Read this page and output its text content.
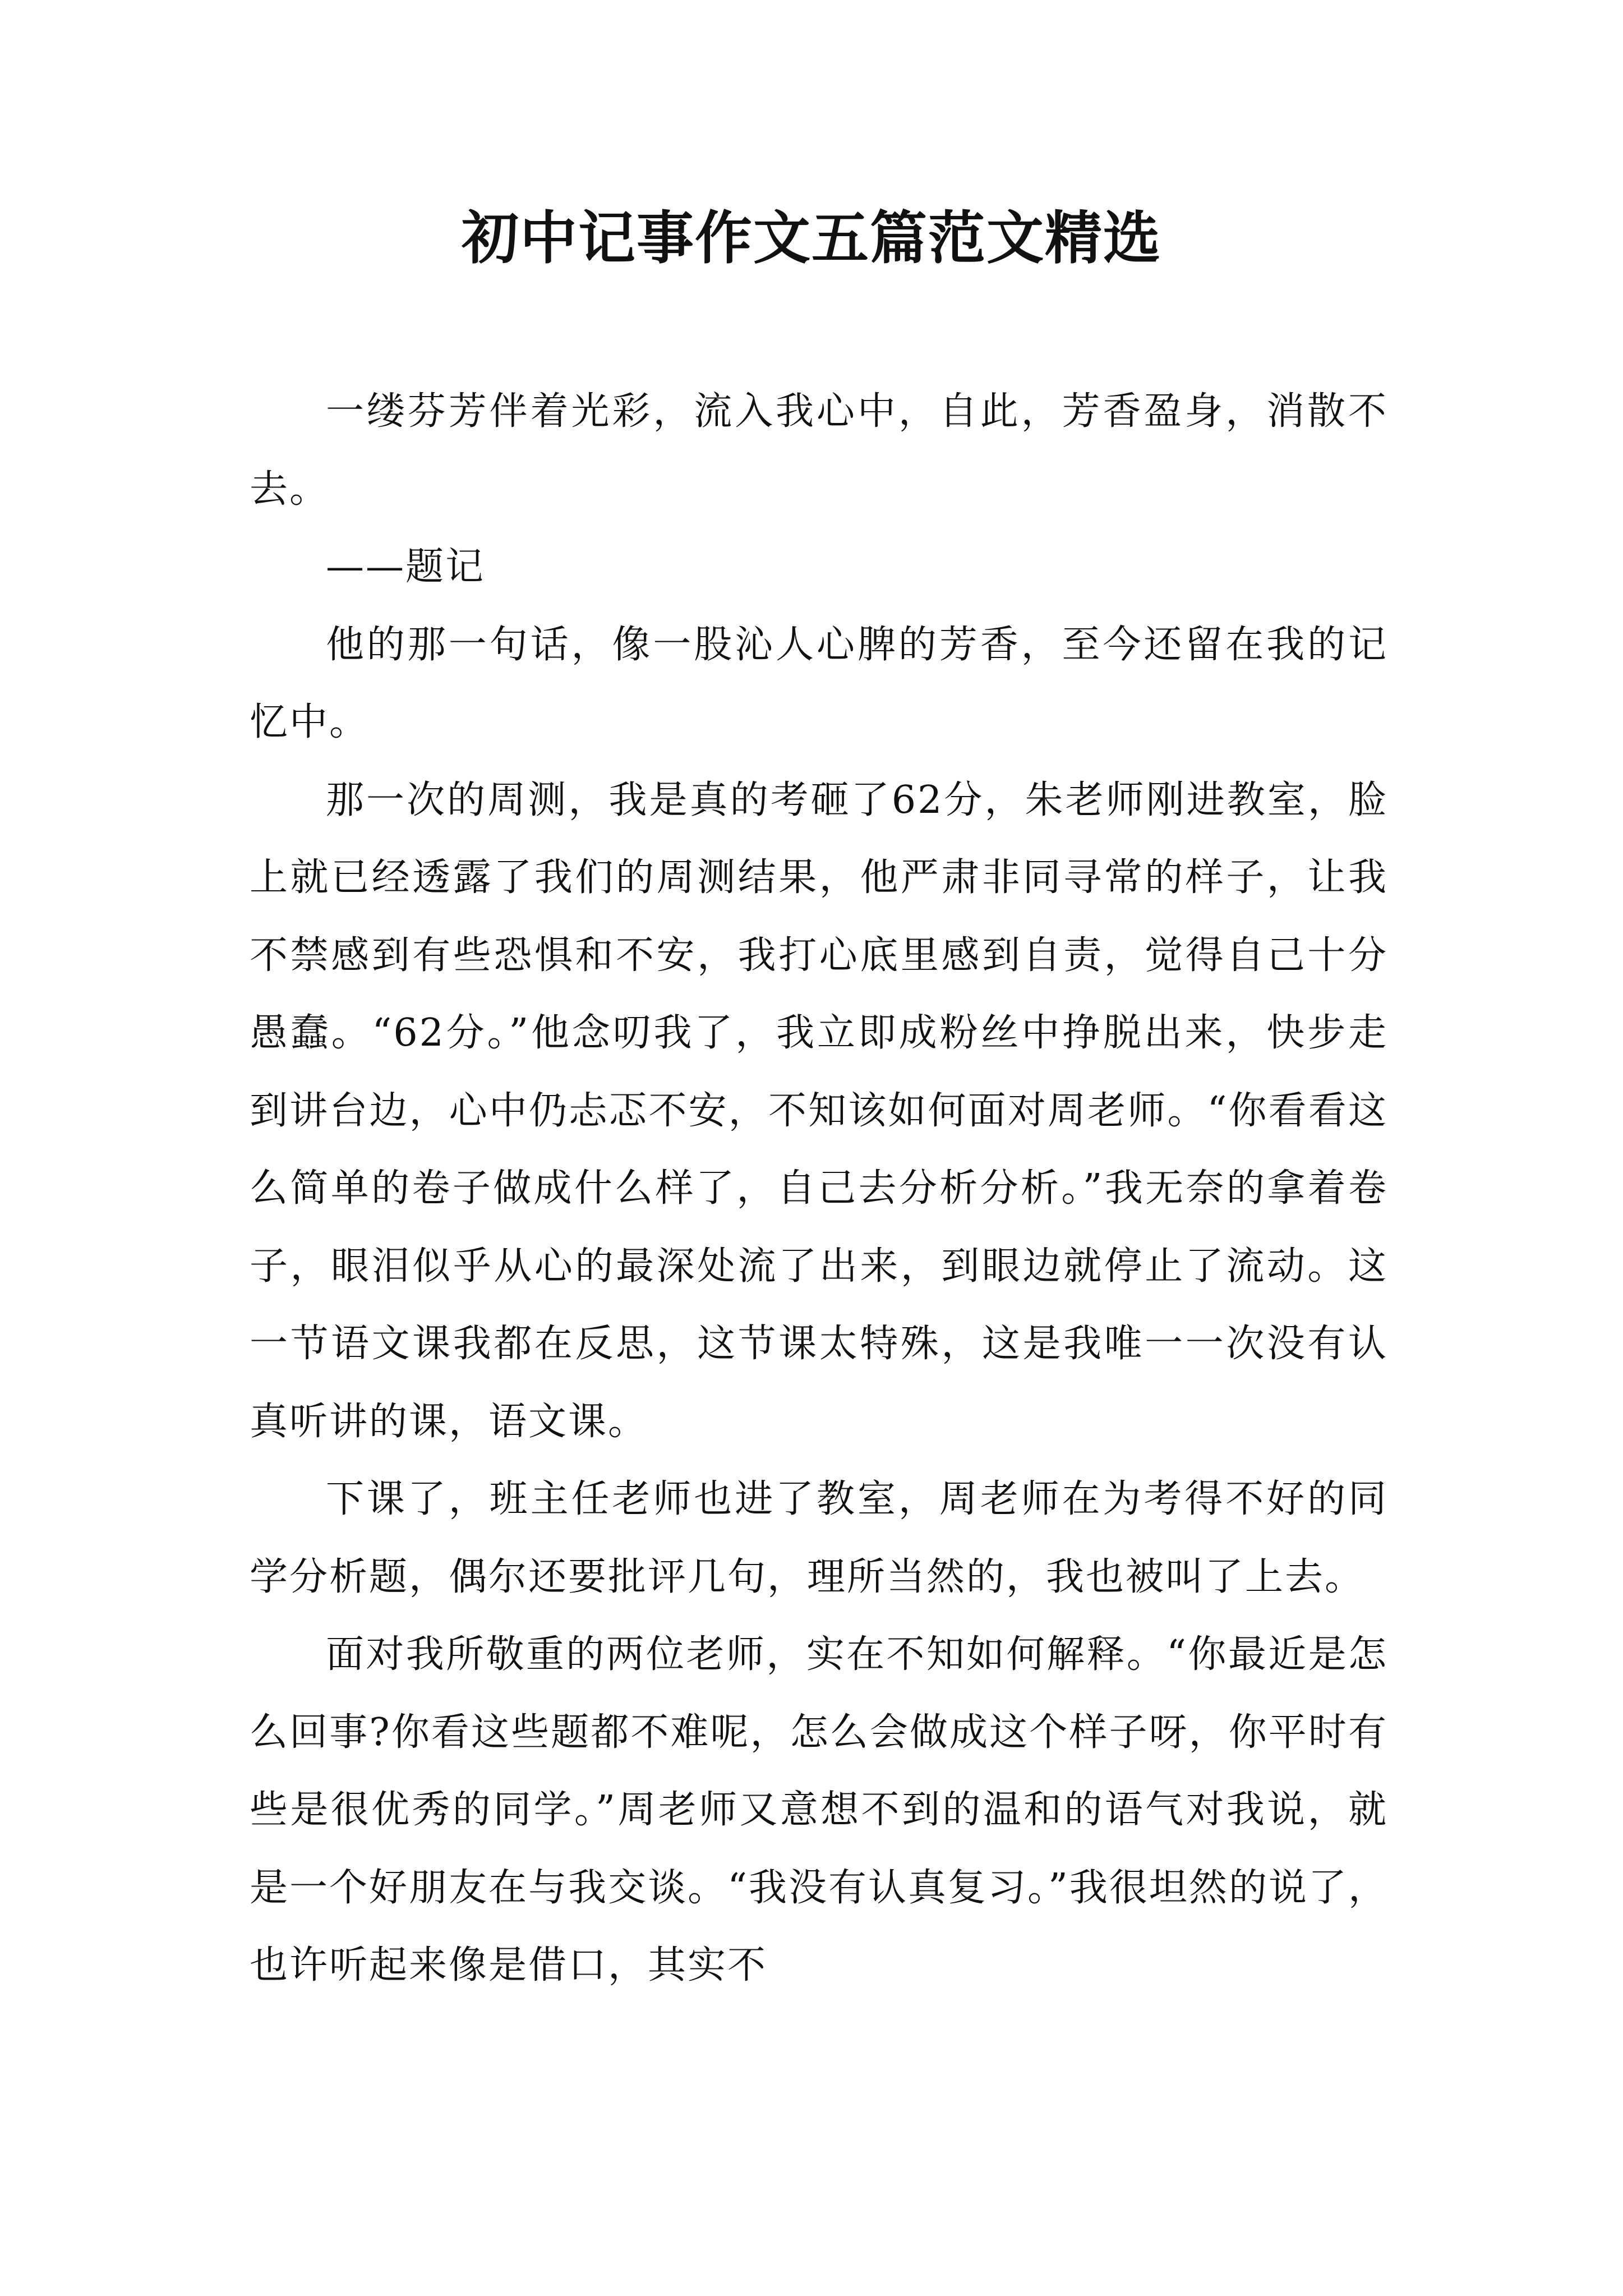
初中记事作文五篇范文精选

一缕芬芳伴着光彩，流入我心中，自此，芳香盈身，消散不去。

——题记

他的那一句话，像一股沁人心脾的芳香，至今还留在我的记忆中。

那一次的周测，我是真的考砸了62分，朱老师刚进教室，脸上就已经透露了我们的周测结果，他严肃非同寻常的样子，让我不禁感到有些恐惧和不安，我打心底里感到自责，觉得自己十分愚蠢。“62分。”他念叨我了，我立即成粉丝中挣脱出来，快步走到讲台边，心中仍忐忑不安，不知该如何面对周老师。“你看看这么简单的卷子做成什么样了，自己去分析分析。”我无奈的拿着卷子，眼泪似乎从心的最深处流了出来，到眼边就停止了流动。这一节语文课我都在反思，这节课太特殊，这是我唯一一次没有认真听讲的课，语文课。

下课了，班主任老师也进了教室，周老师在为考得不好的同学分析题，偶尔还要批评几句，理所当然的，我也被叫了上去。

面对我所敬重的两位老师，实在不知如何解释。“你最近是怎么回事?你看这些题都不难呢，怎么会做成这个样子呀，你平时有些是很优秀的同学。”周老师又意想不到的温和的语气对我说，就是一个好朋友在与我交谈。“我没有认真复习。”我很坦然的说了，也许听起来像是借口，其实不
